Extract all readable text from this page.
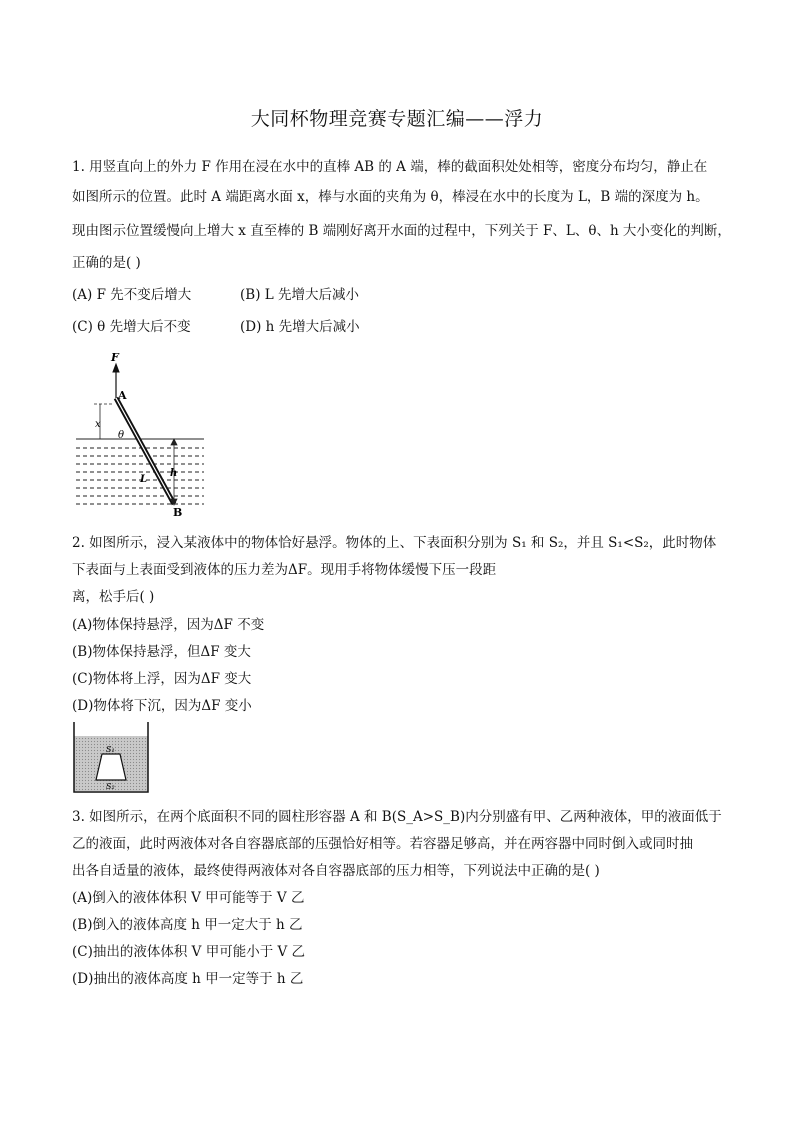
大同杯物理竞赛专题汇编——浮力
1. 用竖直向上的外力 F 作用在浸在水中的直棒 AB 的 A 端，棒的截面积处处相等，密度分布均匀，静止在
如图所示的位置。此时 A 端距离水面 x，棒与水面的夹角为 θ，棒浸在水中的长度为 L，B 端的深度为 h。
现由图示位置缓慢向上增大 x 直至棒的 B 端刚好离开水面的过程中，下列关于 F、L、θ、h 大小变化的判断，
正确的是( )
(A) F 先不变后增大	(B) L 先增大后减小
(C) θ 先增大后不变	(D) h 先增大后减小
F
A
x
θ
h
L
B
2. 如图所示，浸入某液体中的物体恰好悬浮。物体的上、下表面积分别为 S₁ 和 S₂，并且 S₁<S₂，此时物体
下表面与上表面受到液体的压力差为ΔF。现用手将物体缓慢下压一段距
离，松手后( )
(A)物体保持悬浮，因为ΔF 不变
(B)物体保持悬浮，但ΔF 变大
(C)物体将上浮，因为ΔF 变大
(D)物体将下沉，因为ΔF 变小
S₁
S₂
3. 如图所示，在两个底面积不同的圆柱形容器 A 和 B(S_A>S_B)内分别盛有甲、乙两种液体，甲的液面低于
乙的液面，此时两液体对各自容器底部的压强恰好相等。若容器足够高，并在两容器中同时倒入或同时抽
出各自适量的液体，最终使得两液体对各自容器底部的压力相等，下列说法中正确的是( )
(A)倒入的液体体积 V 甲可能等于 V 乙
(B)倒入的液体高度 h 甲一定大于 h 乙
(C)抽出的液体体积 V 甲可能小于 V 乙
(D)抽出的液体高度 h 甲一定等于 h 乙
